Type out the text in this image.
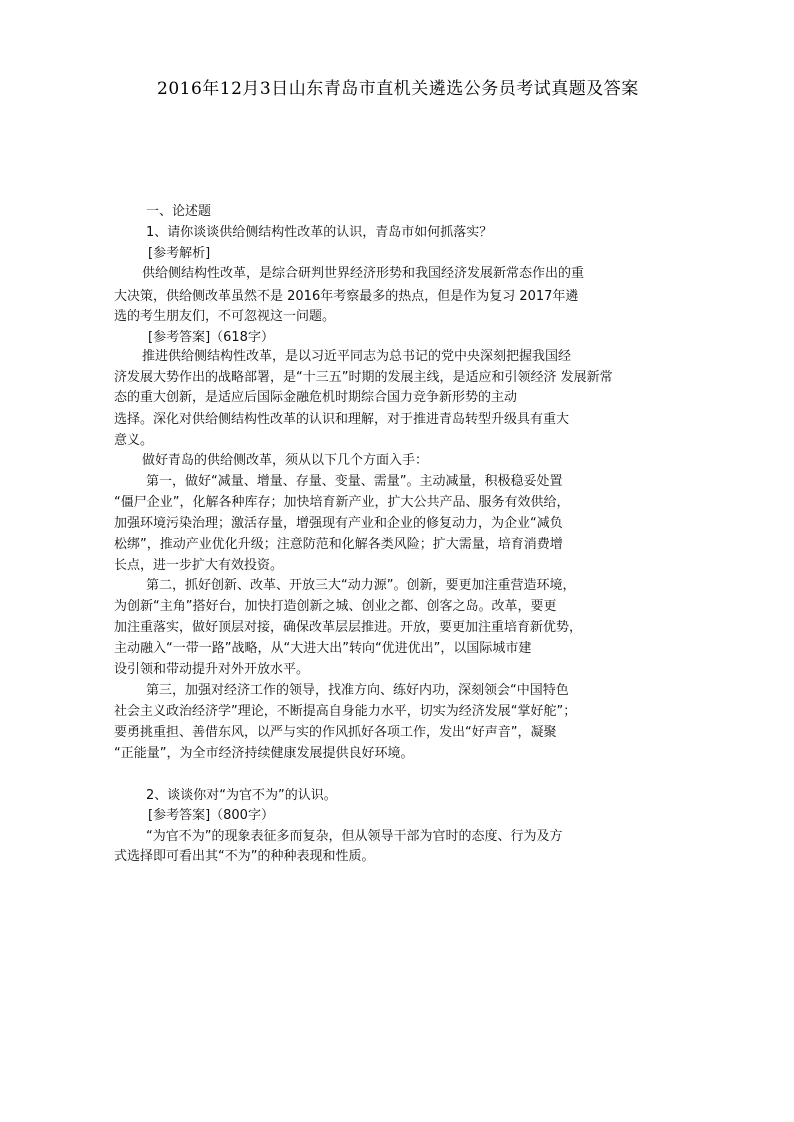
2016年12月3日山东青岛市直机关遴选公务员考试真题及答案
一、论述题
1、请你谈谈供给侧结构性改革的认识，青岛市如何抓落实？
[参考解析]
供给侧结构性改革，是综合研判世界经济形势和我国经济发展新常态作出的重
大决策，供给侧改革虽然不是 2016年考察最多的热点，但是作为复习 2017年遴
选的考生朋友们，不可忽视这一问题。
[参考答案]（618字）
推进供给侧结构性改革，是以习近平同志为总书记的党中央深刻把握我国经
济发展大势作出的战略部署，是“十三五”时期的发展主线，是适应和引领经济 发展新常
态的重大创新，是适应后国际金融危机时期综合国力竞争新形势的主动
选择。深化对供给侧结构性改革的认识和理解，对于推进青岛转型升级具有重大
意义。
做好青岛的供给侧改革，须从以下几个方面入手：
第一，做好“减量、增量、存量、变量、需量”。主动减量，积极稳妥处置
“僵尸企业”，化解各种库存；加快培育新产业，扩大公共产品、服务有效供给，
加强环境污染治理；激活存量，增强现有产业和企业的修复动力，为企业“减负
松绑”，推动产业优化升级；注意防范和化解各类风险；扩大需量，培育消费增
长点，进一步扩大有效投资。
第二，抓好创新、改革、开放三大“动力源”。创新，要更加注重营造环境，
为创新“主角”搭好台，加快打造创新之城、创业之都、创客之岛。改革，要更
加注重落实，做好顶层对接，确保改革层层推进。开放，要更加注重培育新优势，
主动融入“一带一路”战略，从“大进大出”转向“优进优出”，以国际城市建
设引领和带动提升对外开放水平。
第三，加强对经济工作的领导，找准方向、练好内功，深刻领会“中国特色
社会主义政治经济学”理论，不断提高自身能力水平，切实为经济发展“掌好舵”；
要勇挑重担、善借东风，以严与实的作风抓好各项工作，发出“好声音”，凝聚
“正能量”，为全市经济持续健康发展提供良好环境。
2、谈谈你对“为官不为”的认识。
[参考答案]（800字）
“为官不为”的现象表征多而复杂，但从领导干部为官时的态度、行为及方
式选择即可看出其“不为”的种种表现和性质。
